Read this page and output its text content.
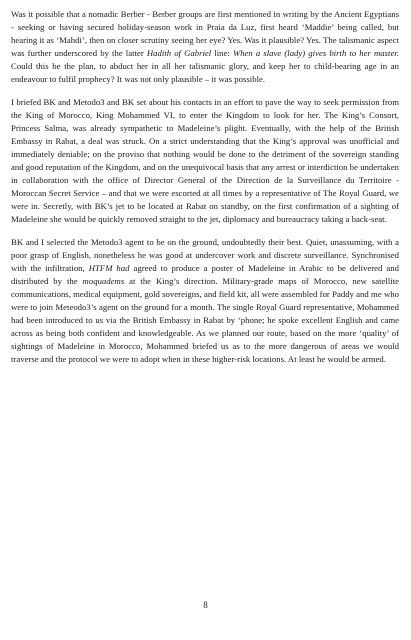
Was it possible that a nomadic Berber - Berber groups are first mentioned in writing by the Ancient Egyptians - seeking or having secured holiday-season work in Praia da Luz, first heard ‘Maddie’ being called, but hearing it as ‘Mahdi’, then on closer scrutiny seeing her eye? Yes. Was it plausible? Yes. The talismanic aspect was further underscored by the latter Hadith of Gabriel line: When a slave (lady) gives birth to her master. Could this be the plan, to abduct her in all her talismanic glory, and keep her to child-bearing age in an endeavour to fulfil prophecy? It was not only plausible – it was possible.

I briefed BK and Metodo3 and BK set about his contacts in an effort to pave the way to seek permission from the King of Morocco, King Mohammed VI, to enter the Kingdom to look for her. The King’s Consort, Princess Salma, was already sympathetic to Madeleine’s plight. Eventually, with the help of the British Embassy in Rabat, a deal was struck. On a strict understanding that the King’s approval was unofficial and immediately deniable; on the proviso that nothing would be done to the detriment of the sovereign standing and good reputation of the Kingdom, and on the unequivocal basis that any arrest or interdiction be undertaken in collaboration with the office of Director General of the Direction de la Surveillance du Territoire - Moroccan Secret Service – and that we were escorted at all times by a representative of The Royal Guard, we were in. Secretly, with BK’s jet to be located at Rabat on standby, on the first confirmation of a sighting of Madeleine she would be quickly removed straight to the jet, diplomacy and bureaucracy taking a back-seat.

BK and I selected the Metodo3 agent to be on the ground, undoubtedly their best. Quiet, unassuming, with a poor grasp of English, nonetheless he was good at undercover work and discrete surveillance. Synchronised with the infiltration, HTFM had agreed to produce a poster of Madeleine in Arabic to be delivered and distributed by the moquadems at the King’s direction. Military-grade maps of Morocco, new satellite communications, medical equipment, gold sovereigns, and field kit, all were assembled for Paddy and me who were to join Meteodo3’s agent on the ground for a month. The single Royal Guard representative, Mohammed had been introduced to us via the British Embassy in Rabat by ‘phone; he spoke excellent English and came across as being both confident and knowledgeable. As we planned our route, based on the more ‘quality’ of sightings of Madeleine in Morocco, Mohammed briefed us as to the more dangerous of areas we would traverse and the protocol we were to adopt when in these higher-risk locations. At least he would be armed.

8
